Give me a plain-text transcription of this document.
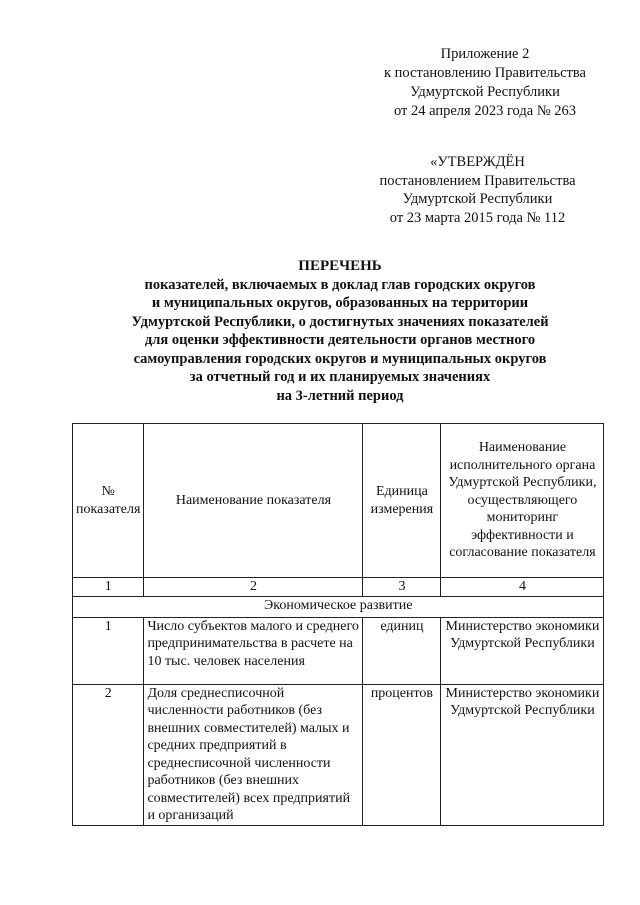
Приложение 2
к постановлению Правительства
Удмуртской Республики
от 24 апреля 2023 года № 263
«УТВЕРЖДЁН
постановлением Правительства
Удмуртской Республики
от 23 марта 2015 года № 112
ПЕРЕЧЕНЬ
показателей, включаемых в доклад глав городских округов
и муниципальных округов, образованных на территории
Удмуртской Республики, о достигнутых значениях показателей
для оценки эффективности деятельности органов местного
самоуправления городских округов и муниципальных округов
за отчетный год и их планируемых значениях
на 3-летний период
№ показателя	Наименование показателя	Единица измерения	Наименование исполнительного органа Удмуртской Республики, осуществляющего мониторинг эффективности и согласование показателя
1	2	3	4
Экономическое развитие			
1	Число субъектов малого и среднего предпринимательства в расчете на 10 тыс. человек населения	единиц	Министерство экономики Удмуртской Республики
2	Доля среднесписочной численности работников (без внешних совместителей) малых и средних предприятий в среднесписочной численности работников (без внешних совместителей) всех предприятий и организаций	процентов	Министерство экономики Удмуртской Республики
